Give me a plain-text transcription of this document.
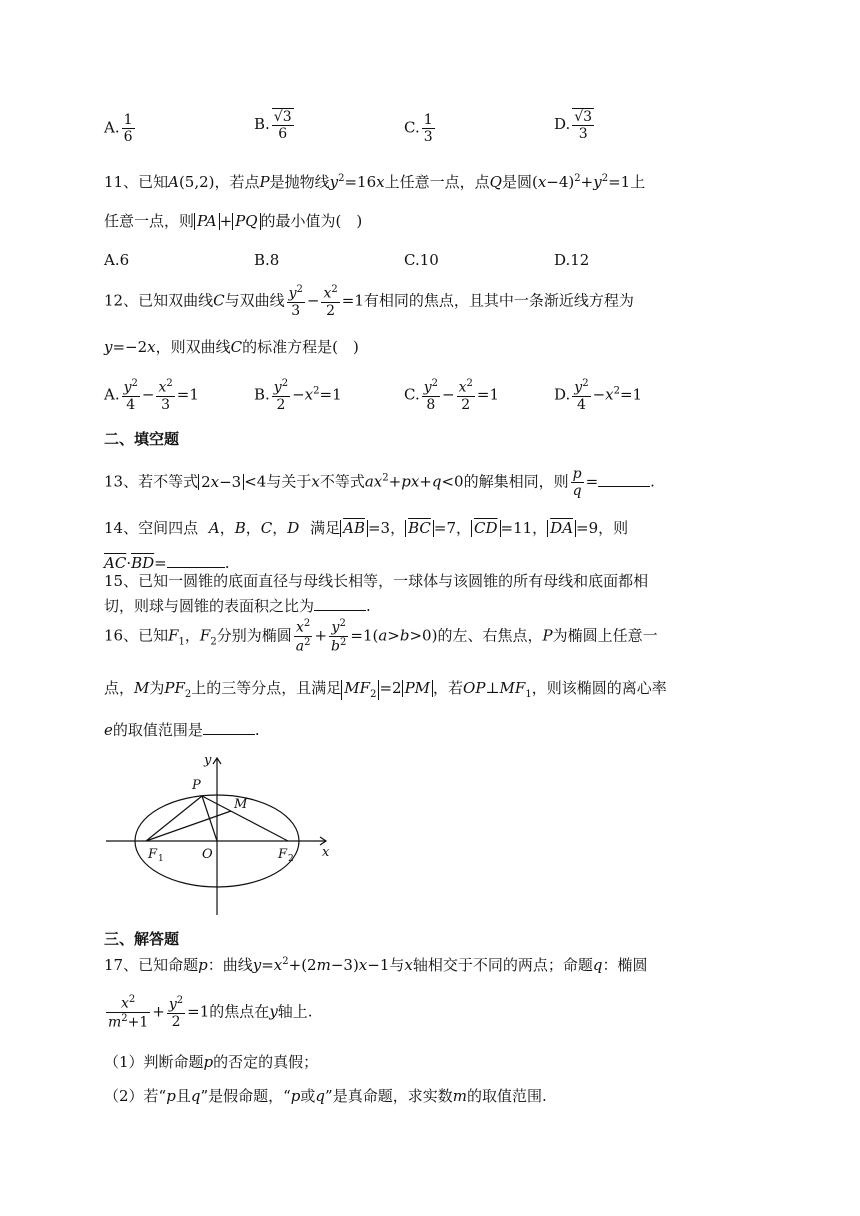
A. $\frac{1}{6}$	B. $\frac{√3}{6}$	C. $\frac{1}{3}$	D. $\frac{√3}{3}$
11、已知A(5,2)，若点P是抛物线$y^2=16x$上任意一点，点Q是圆$(x-4)^2+y^2=1$上
任意一点，则 PA + PQ 的最小值为(　)
A.6	B.8	C.10	D.12
12、已知双曲线C与双曲线 $\frac{y^2}{3} - \frac{x^2}{2} =1$有相同的焦点，且其中一条渐近线方程为
y=−2x，则双曲线C的标准方程是(　)
A. $\frac{y^2}{4} - \frac{x^2}{3} =1$	B. $\frac{y^2}{2} -x^2=1$	C. $\frac{y^2}{8} - \frac{x^2}{2} =1$	D. $\frac{y^2}{4} -x^2=1$
二、填空题
13、若不等式 2x−3 <4与关于x不等式$ax^2+px+q<0$的解集相同，则 $\frac{p}{q}$ =	.
14、空间四点 A，B，C，D 满足 $\overline{AB} =3$， $\overline{BC} =7$， $\overline{CD} =11$， $\overline{DA} =9$，则
$\overline{AC}\cdot\overline{BD}=$	.
15、已知一圆锥的底面直径与母线长相等，一球体与该圆锥的所有母线和底面都相
切，则球与圆锥的表面积之比为	.
16、已知$F_1$，$F_2$分别为椭圆 $\frac{x^2}{a^2} + \frac{y^2}{b^2} =1(a>b>0)$的左、右焦点，P为椭圆上任意一
点，M为$PF_2$上的三等分点，且满足 $MF_2 =2$ PM ，若$OP\perp MF_1$，则该椭圆的离心率
e的取值范围是	.
y
x
P
M
O
F 1	F 2
三、解答题
17、已知命题p：曲线$y=x^2+(2m-3)x-1$与x轴相交于不同的两点；命题q：椭圆
$\frac{x^2}{m^2+1} + \frac{y^2}{2} =1$的焦点在y轴上.
（1）判断命题p的否定的真假；
（2）若“p且q”是假命题，“p或q”是真命题，求实数m的取值范围.
